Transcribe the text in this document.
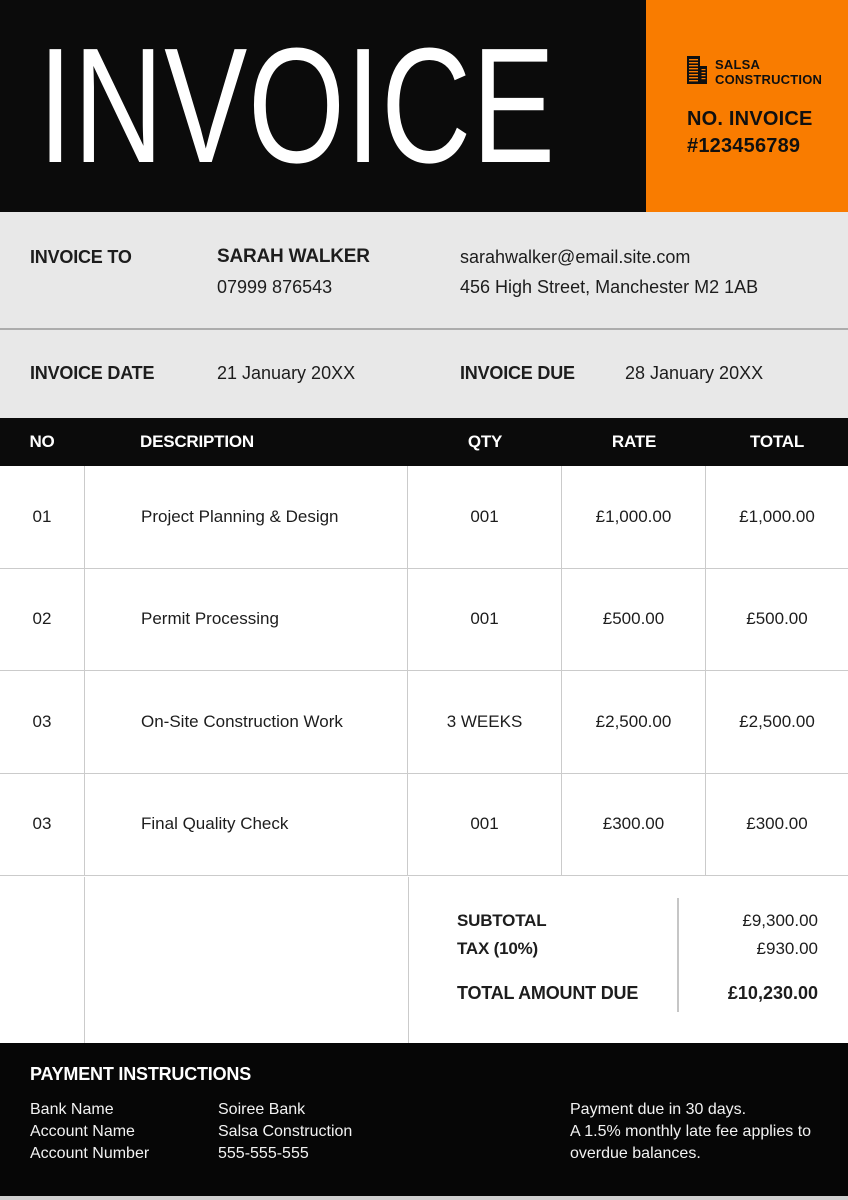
INVOICE	SALSA
CONSTRUCTION
NO. INVOICE
#123456789
INVOICE TO	SARAH WALKER
07999 876543
sarahwalker@email.site.com
456 High Street, Manchester M2 1AB
INVOICE DATE	21 January 20XX	INVOICE DUE	28 January 20XX
NO	DESCRIPTION	QTY	RATE	TOTAL
01	Project Planning & Design	001	£1,000.00	£1,000.00
02	Permit Processing	001	£500.00	£500.00
03	On-Site Construction Work	3 WEEKS	£2,500.00	£2,500.00
03	Final Quality Check	001	£300.00	£300.00
SUBTOTAL	£9,300.00
TAX (10%)	£930.00
TOTAL AMOUNT DUE	£10,230.00
PAYMENT INSTRUCTIONS
Bank Name	Soiree Bank
Account Name	Salsa Construction
Account Number	555-555-555
Payment due in 30 days.
A 1.5% monthly late fee applies to
overdue balances.
